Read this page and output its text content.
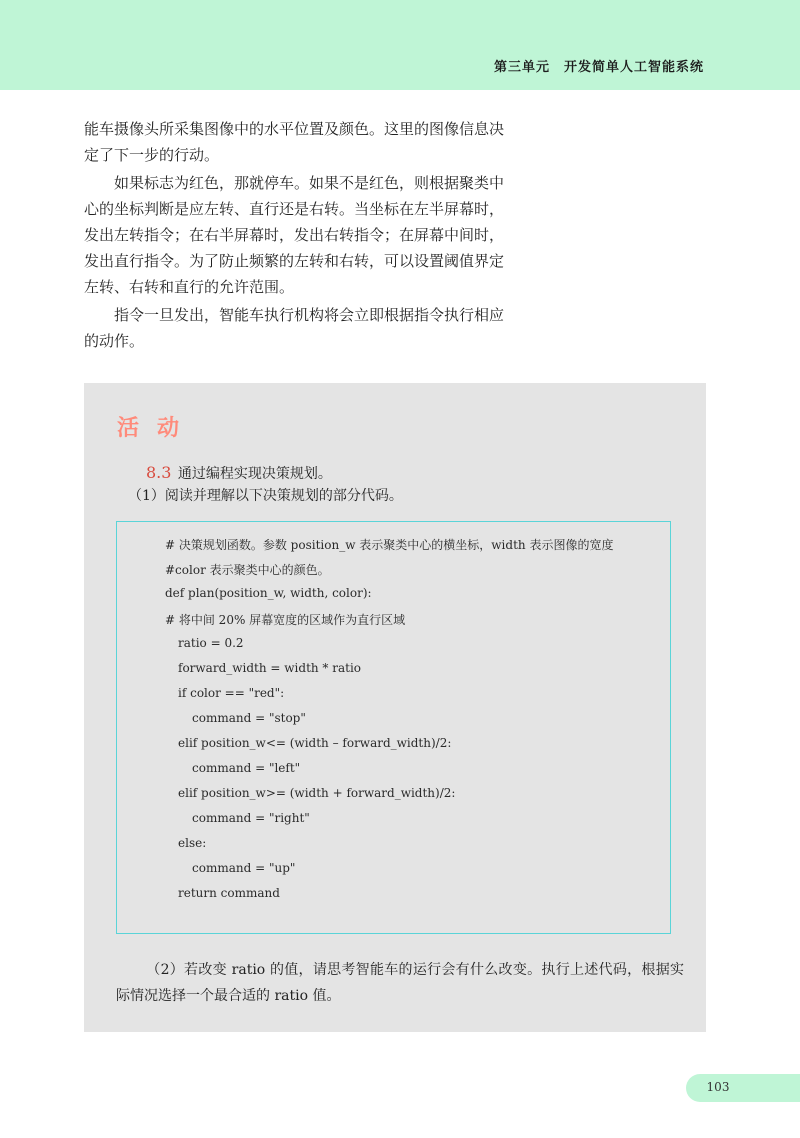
第三单元　开发简单人工智能系统

能车摄像头所采集图像中的水平位置及颜色。这里的图像信息决定了下一步的行动。

如果标志为红色，那就停车。如果不是红色，则根据聚类中心的坐标判断是应左转、直行还是右转。当坐标在左半屏幕时，发出左转指令；在右半屏幕时，发出右转指令；在屏幕中间时，发出直行指令。为了防止频繁的左转和右转，可以设置阈值界定左转、右转和直行的允许范围。

指令一旦发出，智能车执行机构将会立即根据指令执行相应的动作。

活动
8.3 通过编程实现决策规划。
（1）阅读并理解以下决策规划的部分代码。
# 决策规划函数。参数 position_w 表示聚类中心的横坐标，width 表示图像的宽度
#color 表示聚类中心的颜色。
def plan(position_w, width, color):
# 将中间 20% 屏幕宽度的区域作为直行区域
ratio = 0.2
forward_width = width * ratio
if color == "red":
command = "stop"
elif position_w<= (width – forward_width)/2:
command = "left"
elif position_w>= (width + forward_width)/2:
command = "right"
else:
command = "up"
return command
（2）若改变 ratio 的值，请思考智能车的运行会有什么改变。执行上述代码，根据实际情况选择一个最合适的 ratio 值。
103
